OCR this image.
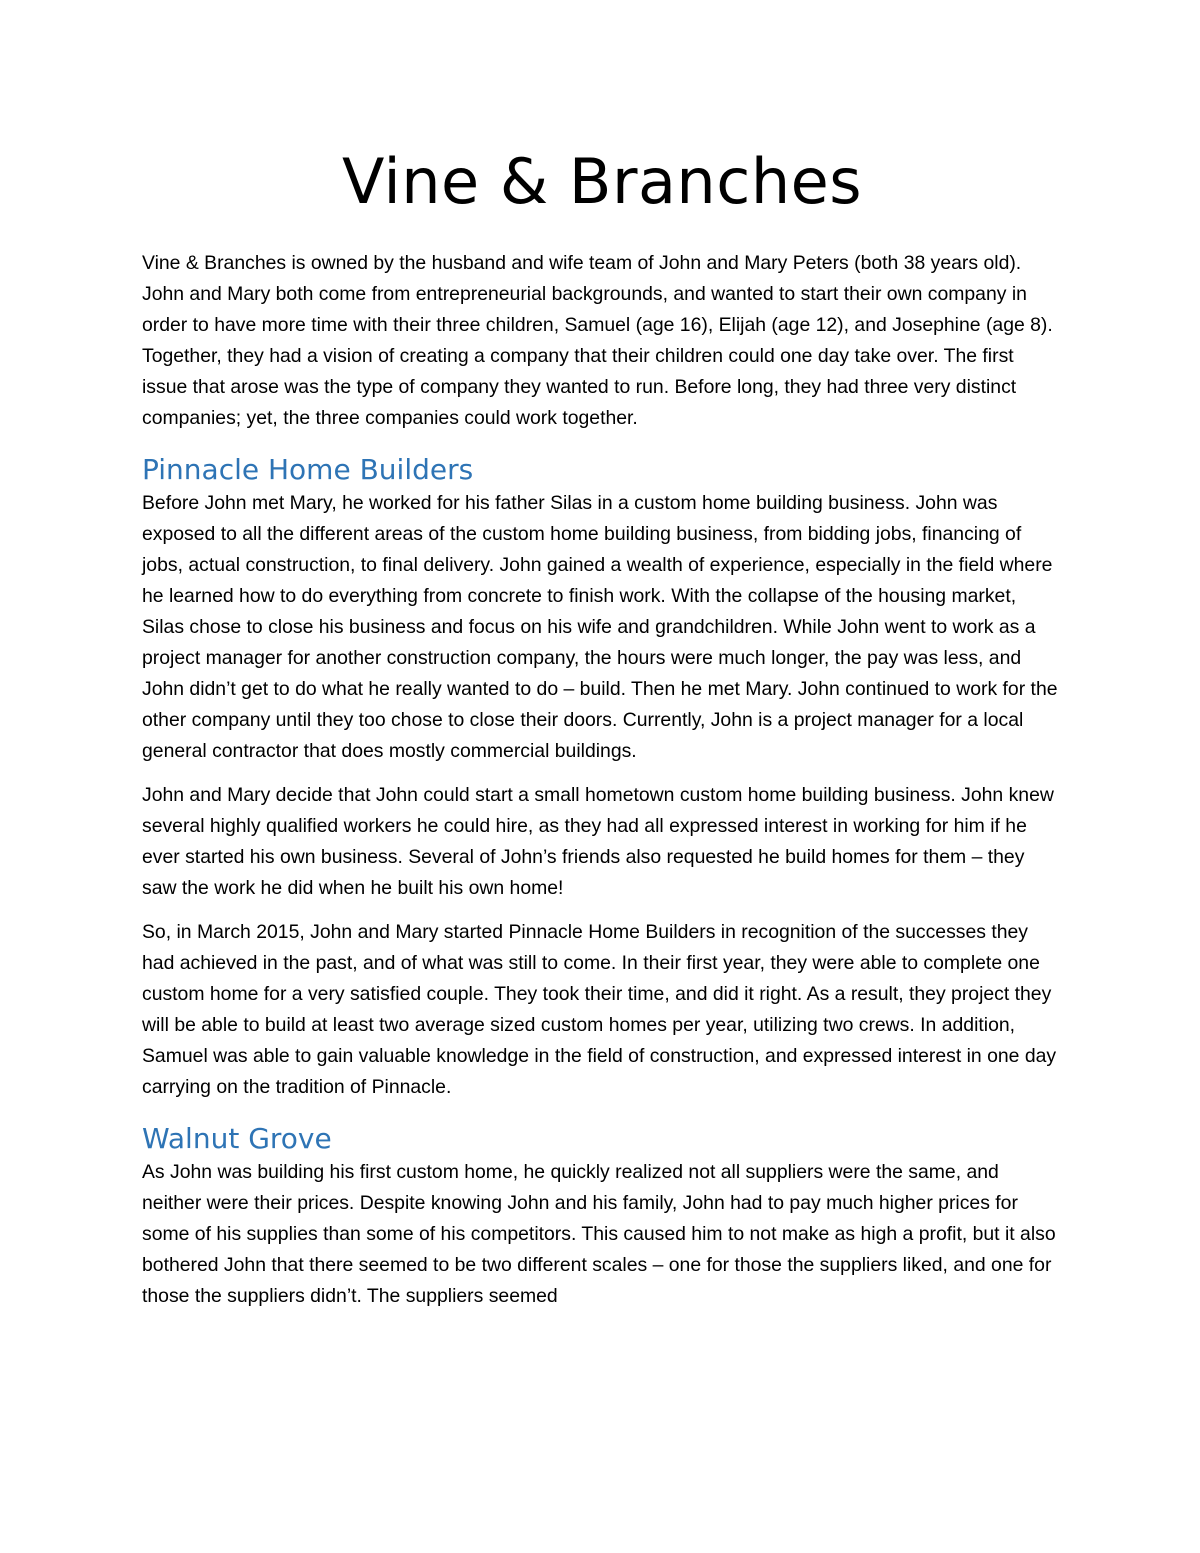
Vine & Branches

Vine & Branches is owned by the husband and wife team of John and Mary Peters (both 38 years old). John and Mary both come from entrepreneurial backgrounds, and wanted to start their own company in order to have more time with their three children, Samuel (age 16), Elijah (age 12), and Josephine (age 8). Together, they had a vision of creating a company that their children could one day take over. The first issue that arose was the type of company they wanted to run. Before long, they had three very distinct companies; yet, the three companies could work together.

Pinnacle Home Builders

Before John met Mary, he worked for his father Silas in a custom home building business. John was exposed to all the different areas of the custom home building business, from bidding jobs, financing of jobs, actual construction, to final delivery. John gained a wealth of experience, especially in the field where he learned how to do everything from concrete to finish work. With the collapse of the housing market, Silas chose to close his business and focus on his wife and grandchildren. While John went to work as a project manager for another construction company, the hours were much longer, the pay was less, and John didn’t get to do what he really wanted to do – build. Then he met Mary. John continued to work for the other company until they too chose to close their doors. Currently, John is a project manager for a local general contractor that does mostly commercial buildings.

John and Mary decide that John could start a small hometown custom home building business. John knew several highly qualified workers he could hire, as they had all expressed interest in working for him if he ever started his own business. Several of John’s friends also requested he build homes for them – they saw the work he did when he built his own home!

So, in March 2015, John and Mary started Pinnacle Home Builders in recognition of the successes they had achieved in the past, and of what was still to come. In their first year, they were able to complete one custom home for a very satisfied couple. They took their time, and did it right. As a result, they project they will be able to build at least two average sized custom homes per year, utilizing two crews. In addition, Samuel was able to gain valuable knowledge in the field of construction, and expressed interest in one day carrying on the tradition of Pinnacle.

Walnut Grove

As John was building his first custom home, he quickly realized not all suppliers were the same, and neither were their prices. Despite knowing John and his family, John had to pay much higher prices for some of his supplies than some of his competitors. This caused him to not make as high a profit, but it also bothered John that there seemed to be two different scales – one for those the suppliers liked, and one for those the suppliers didn’t. The suppliers seemed
